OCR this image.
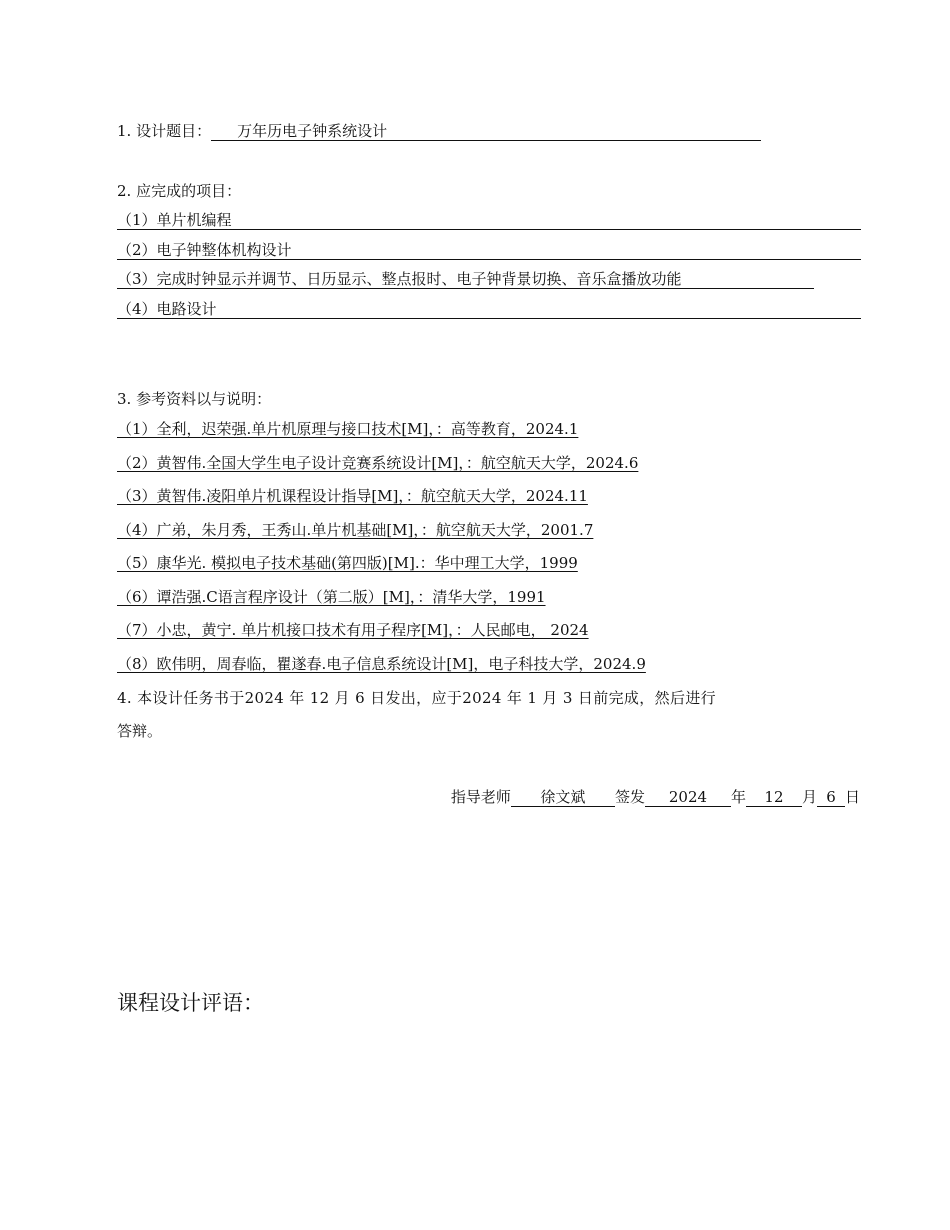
1. 设计题目： 万年历电子钟系统设计
2. 应完成的项目：
（1）单片机编程
（2）电子钟整体机构设计
（3）完成时钟显示并调节、日历显示、整点报时、电子钟背景切换、音乐盒播放功能
（4）电路设计
3. 参考资料以与说明：
（1）全利，迟荣强.单片机原理与接口技术[M]，：高等教育，2024.1
（2）黄智伟.全国大学生电子设计竞赛系统设计[M]，：航空航天大学，2024.6
（3）黄智伟.凌阳单片机课程设计指导[M]，：航空航天大学，2024.11
（4）广弟，朱月秀，王秀山.单片机基础[M]，：航空航天大学，2001.7
（5）康华光. 模拟电子技术基础(第四版)[M].：华中理工大学，1999
（6）谭浩强.C语言程序设计（第二版）[M]，：清华大学，1991
（7）小忠，黄宁. 单片机接口技术有用子程序[M]，：人民邮电， 2024
（8）欧伟明，周春临，瞿遂春.电子信息系统设计[M]，电子科技大学，2024.9
4. 本设计任务书于2024 年 12 月 6 日发出，应于2024 年 1 月 3 日前完成，然后进行
答辩。
指导老师 徐文斌 签发 2024 年 12 月 6 日
课程设计评语：
